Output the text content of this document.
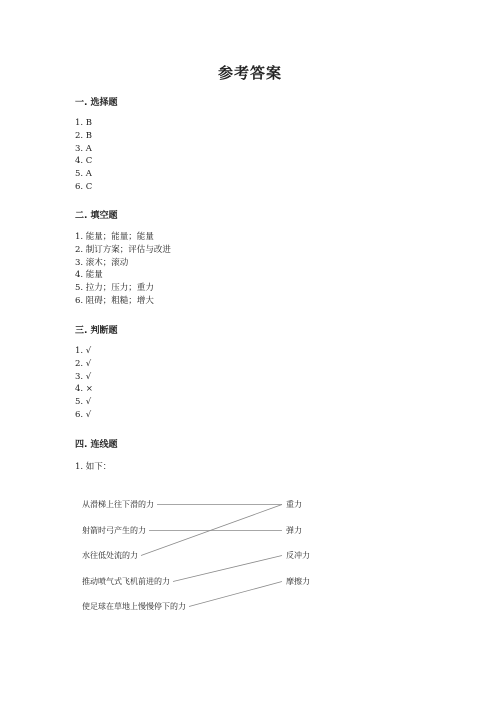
参考答案
一. 选择题
1. B
2. B
3. A
4. C
5. A
6. C
二. 填空题
1. 能量；能量；能量
2. 制订方案；评估与改进
3. 滚木；滚动
4. 能量
5. 拉力；压力；重力
6. 阻碍；粗糙；增大
三. 判断题
1. √
2. √
3. √
4. ×
5. √
6. √
四. 连线题
1. 如下：
从滑梯上往下滑的力
射箭时弓产生的力
水往低处流的力
推动喷气式飞机前进的力
使足球在草地上慢慢停下的力
重力
弹力
反冲力
摩擦力
